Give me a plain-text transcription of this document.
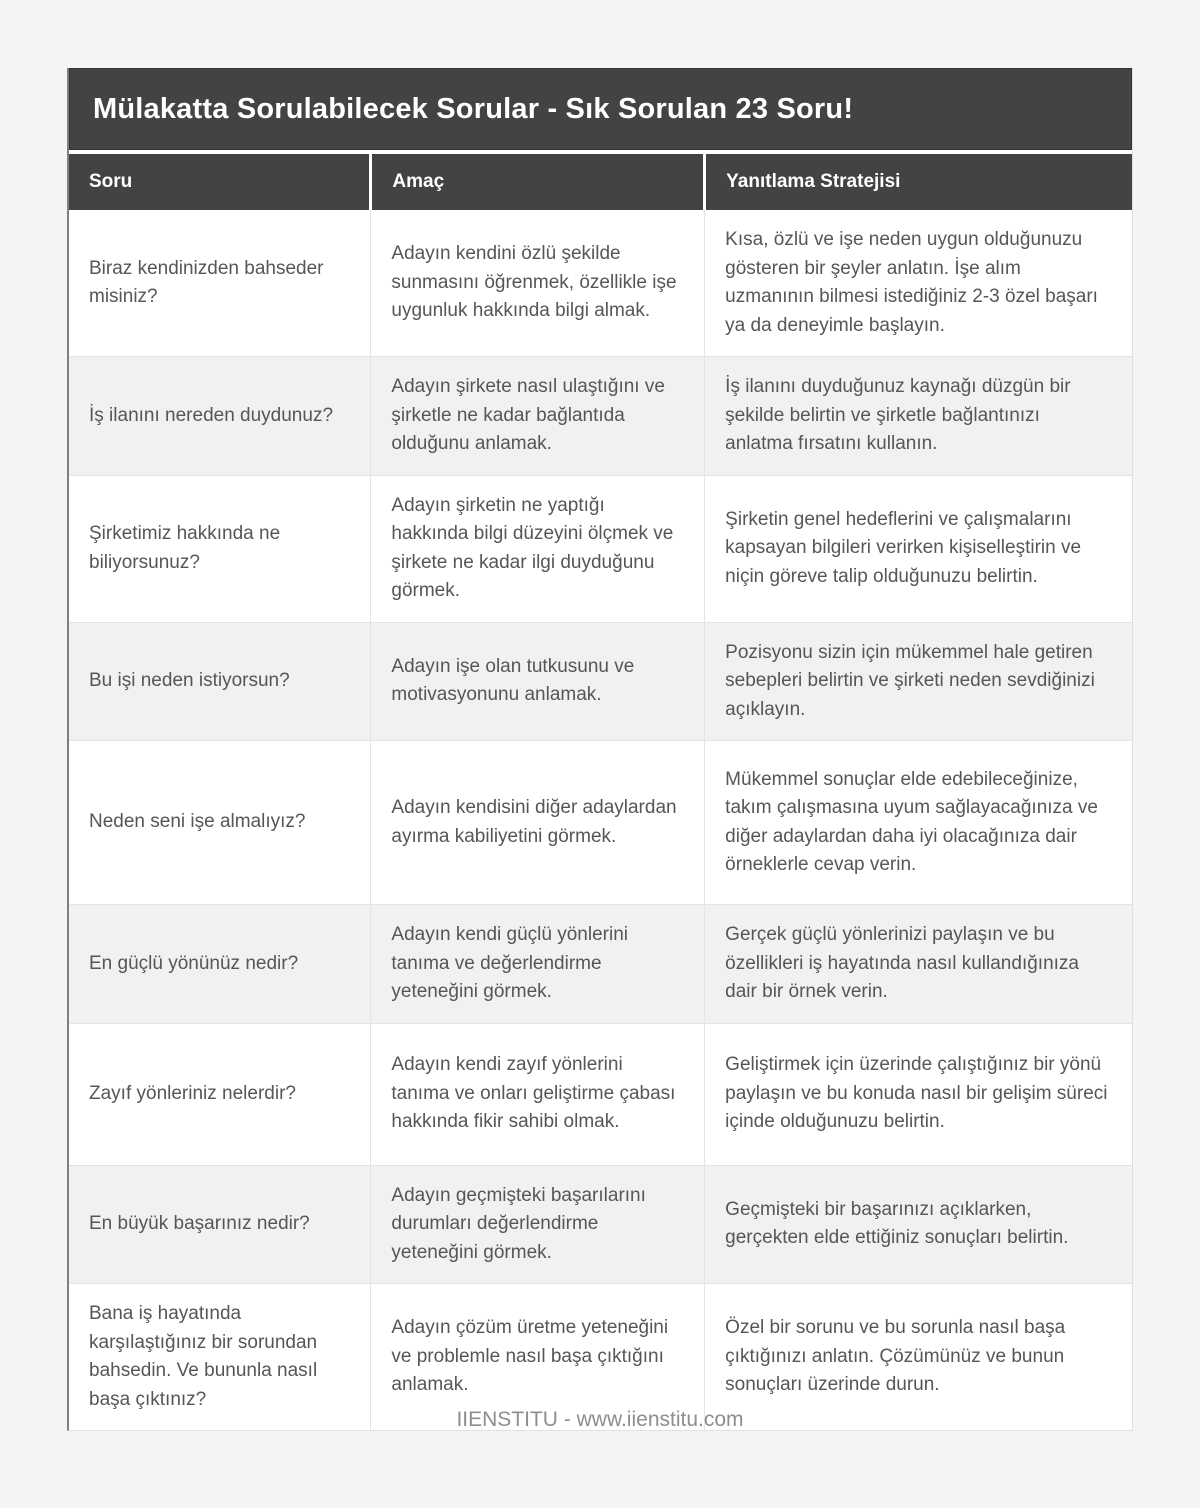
Mülakatta Sorulabilecek Sorular - Sık Sorulan 23 Soru!
Soru	Amaç	Yanıtlama Stratejisi
Biraz kendinizden bahseder misiniz?	Adayın kendini özlü şekilde sunmasını öğrenmek, özellikle işe uygunluk hakkında bilgi almak.	Kısa, özlü ve işe neden uygun olduğunuzu gösteren bir şeyler anlatın. İşe alım uzmanının bilmesi istediğiniz 2-3 özel başarı ya da deneyimle başlayın.
İş ilanını nereden duydunuz?	Adayın şirkete nasıl ulaştığını ve şirketle ne kadar bağlantıda olduğunu anlamak.	İş ilanını duyduğunuz kaynağı düzgün bir şekilde belirtin ve şirketle bağlantınızı anlatma fırsatını kullanın.
Şirketimiz hakkında ne biliyorsunuz?	Adayın şirketin ne yaptığı hakkında bilgi düzeyini ölçmek ve şirkete ne kadar ilgi duyduğunu görmek.	Şirketin genel hedeflerini ve çalışmalarını kapsayan bilgileri verirken kişiselleştirin ve niçin göreve talip olduğunuzu belirtin.
Bu işi neden istiyorsun?	Adayın işe olan tutkusunu ve motivasyonunu anlamak.	Pozisyonu sizin için mükemmel hale getiren sebepleri belirtin ve şirketi neden sevdiğinizi açıklayın.
Neden seni işe almalıyız?	Adayın kendisini diğer adaylardan ayırma kabiliyetini görmek.	Mükemmel sonuçlar elde edebileceğinize, takım çalışmasına uyum sağlayacağınıza ve diğer adaylardan daha iyi olacağınıza dair örneklerle cevap verin.
En güçlü yönünüz nedir?	Adayın kendi güçlü yönlerini tanıma ve değerlendirme yeteneğini görmek.	Gerçek güçlü yönlerinizi paylaşın ve bu özellikleri iş hayatında nasıl kullandığınıza dair bir örnek verin.
Zayıf yönleriniz nelerdir?	Adayın kendi zayıf yönlerini tanıma ve onları geliştirme çabası hakkında fikir sahibi olmak.	Geliştirmek için üzerinde çalıştığınız bir yönü paylaşın ve bu konuda nasıl bir gelişim süreci içinde olduğunuzu belirtin.
En büyük başarınız nedir?	Adayın geçmişteki başarılarını durumları değerlendirme yeteneğini görmek.	Geçmişteki bir başarınızı açıklarken, gerçekten elde ettiğiniz sonuçları belirtin.
Bana iş hayatında karşılaştığınız bir sorundan bahsedin. Ve bununla nasıl başa çıktınız?	Adayın çözüm üretme yeteneğini ve problemle nasıl başa çıktığını anlamak.	Özel bir sorunu ve bu sorunla nasıl başa çıktığınızı anlatın. Çözümünüz ve bunun sonuçları üzerinde durun.
IIENSTITU - www.iienstitu.com
